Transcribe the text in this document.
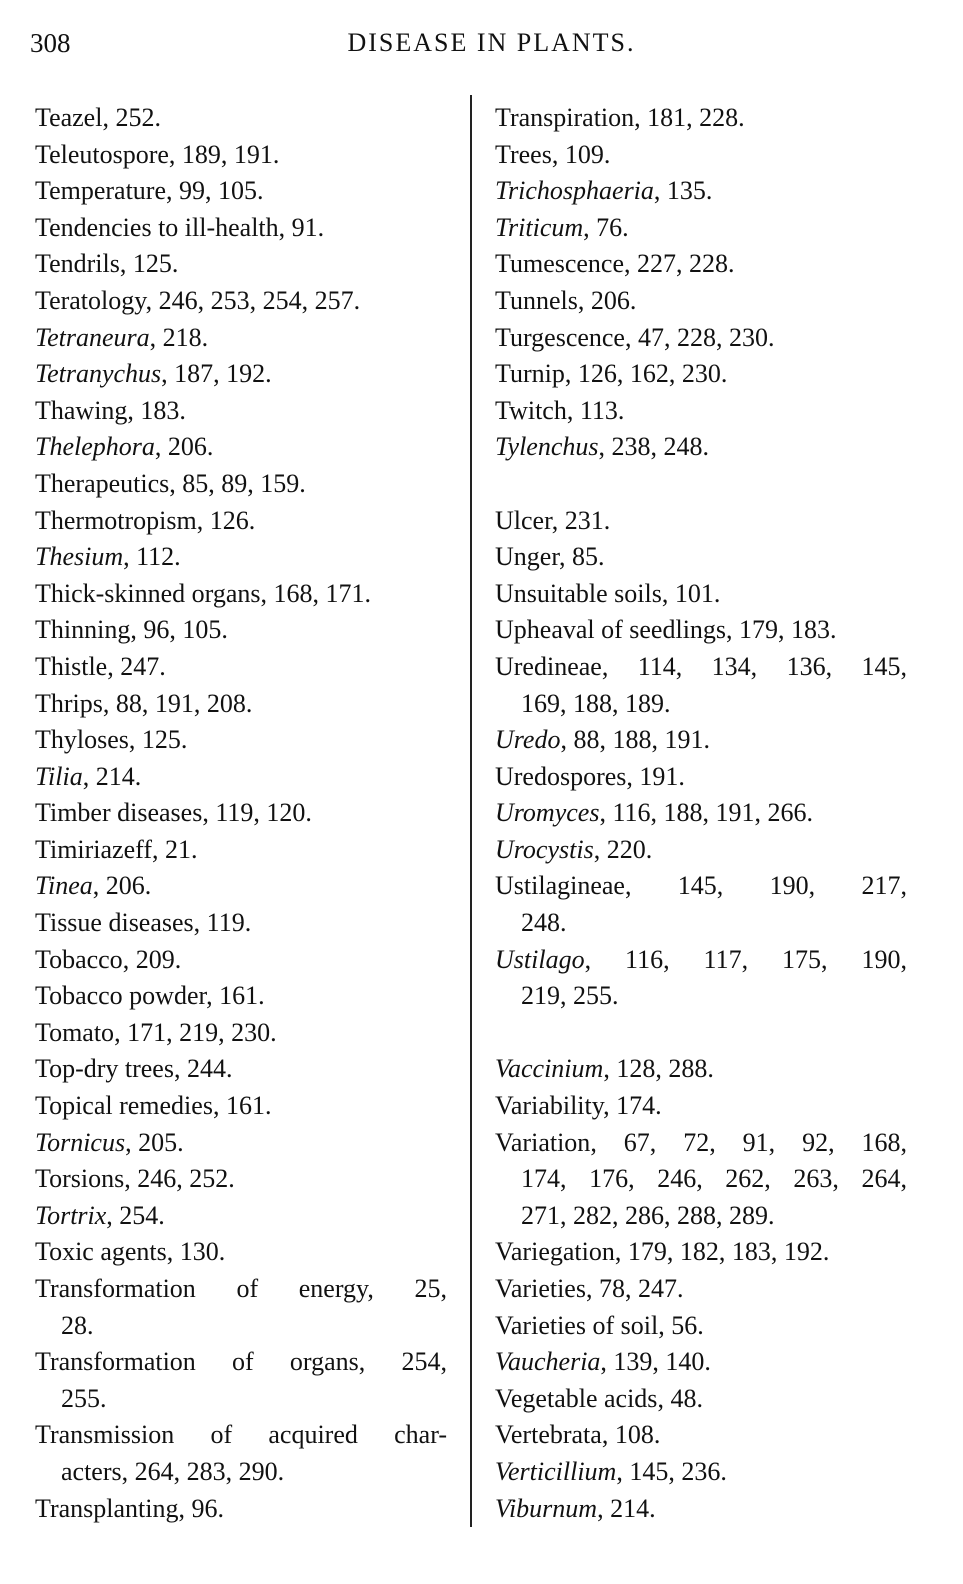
308	DISEASE IN PLANTS.
Teazel, 252.
Teleutospore, 189, 191.
Temperature, 99, 105.
Tendencies to ill-health, 91.
Tendrils, 125.
Teratology, 246, 253, 254, 257.
Tetraneura, 218.
Tetranychus, 187, 192.
Thawing, 183.
Thelephora, 206.
Therapeutics, 85, 89, 159.
Thermotropism, 126.
Thesium, 112.
Thick-skinned organs, 168, 171.
Thinning, 96, 105.
Thistle, 247.
Thrips, 88, 191, 208.
Thyloses, 125.
Tilia, 214.
Timber diseases, 119, 120.
Timiriazeff, 21.
Tinea, 206.
Tissue diseases, 119.
Tobacco, 209.
Tobacco powder, 161.
Tomato, 171, 219, 230.
Top-dry trees, 244.
Topical remedies, 161.
Tornicus, 205.
Torsions, 246, 252.
Tortrix, 254.
Toxic agents, 130.
Transformation of energy, 25,
28.
Transformation of organs, 254,
255.
Transmission of acquired char-
acters, 264, 283, 290.
Transplanting, 96.
Transpiration, 181, 228.
Trees, 109.
Trichosphaeria, 135.
Triticum, 76.
Tumescence, 227, 228.
Tunnels, 206.
Turgescence, 47, 228, 230.
Turnip, 126, 162, 230.
Twitch, 113.
Tylenchus, 238, 248.
Ulcer, 231.
Unger, 85.
Unsuitable soils, 101.
Upheaval of seedlings, 179, 183.
Uredineae, 114, 134, 136, 145,
169, 188, 189.
Uredo, 88, 188, 191.
Uredospores, 191.
Uromyces, 116, 188, 191, 266.
Urocystis, 220.
Ustilagineae, 145, 190, 217,
248.
Ustilago, 116, 117, 175, 190,
219, 255.
Vaccinium, 128, 288.
Variability, 174.
Variation, 67, 72, 91, 92, 168,
174, 176, 246, 262, 263, 264,
271, 282, 286, 288, 289.
Variegation, 179, 182, 183, 192.
Varieties, 78, 247.
Varieties of soil, 56.
Vaucheria, 139, 140.
Vegetable acids, 48.
Vertebrata, 108.
Verticillium, 145, 236.
Viburnum, 214.
